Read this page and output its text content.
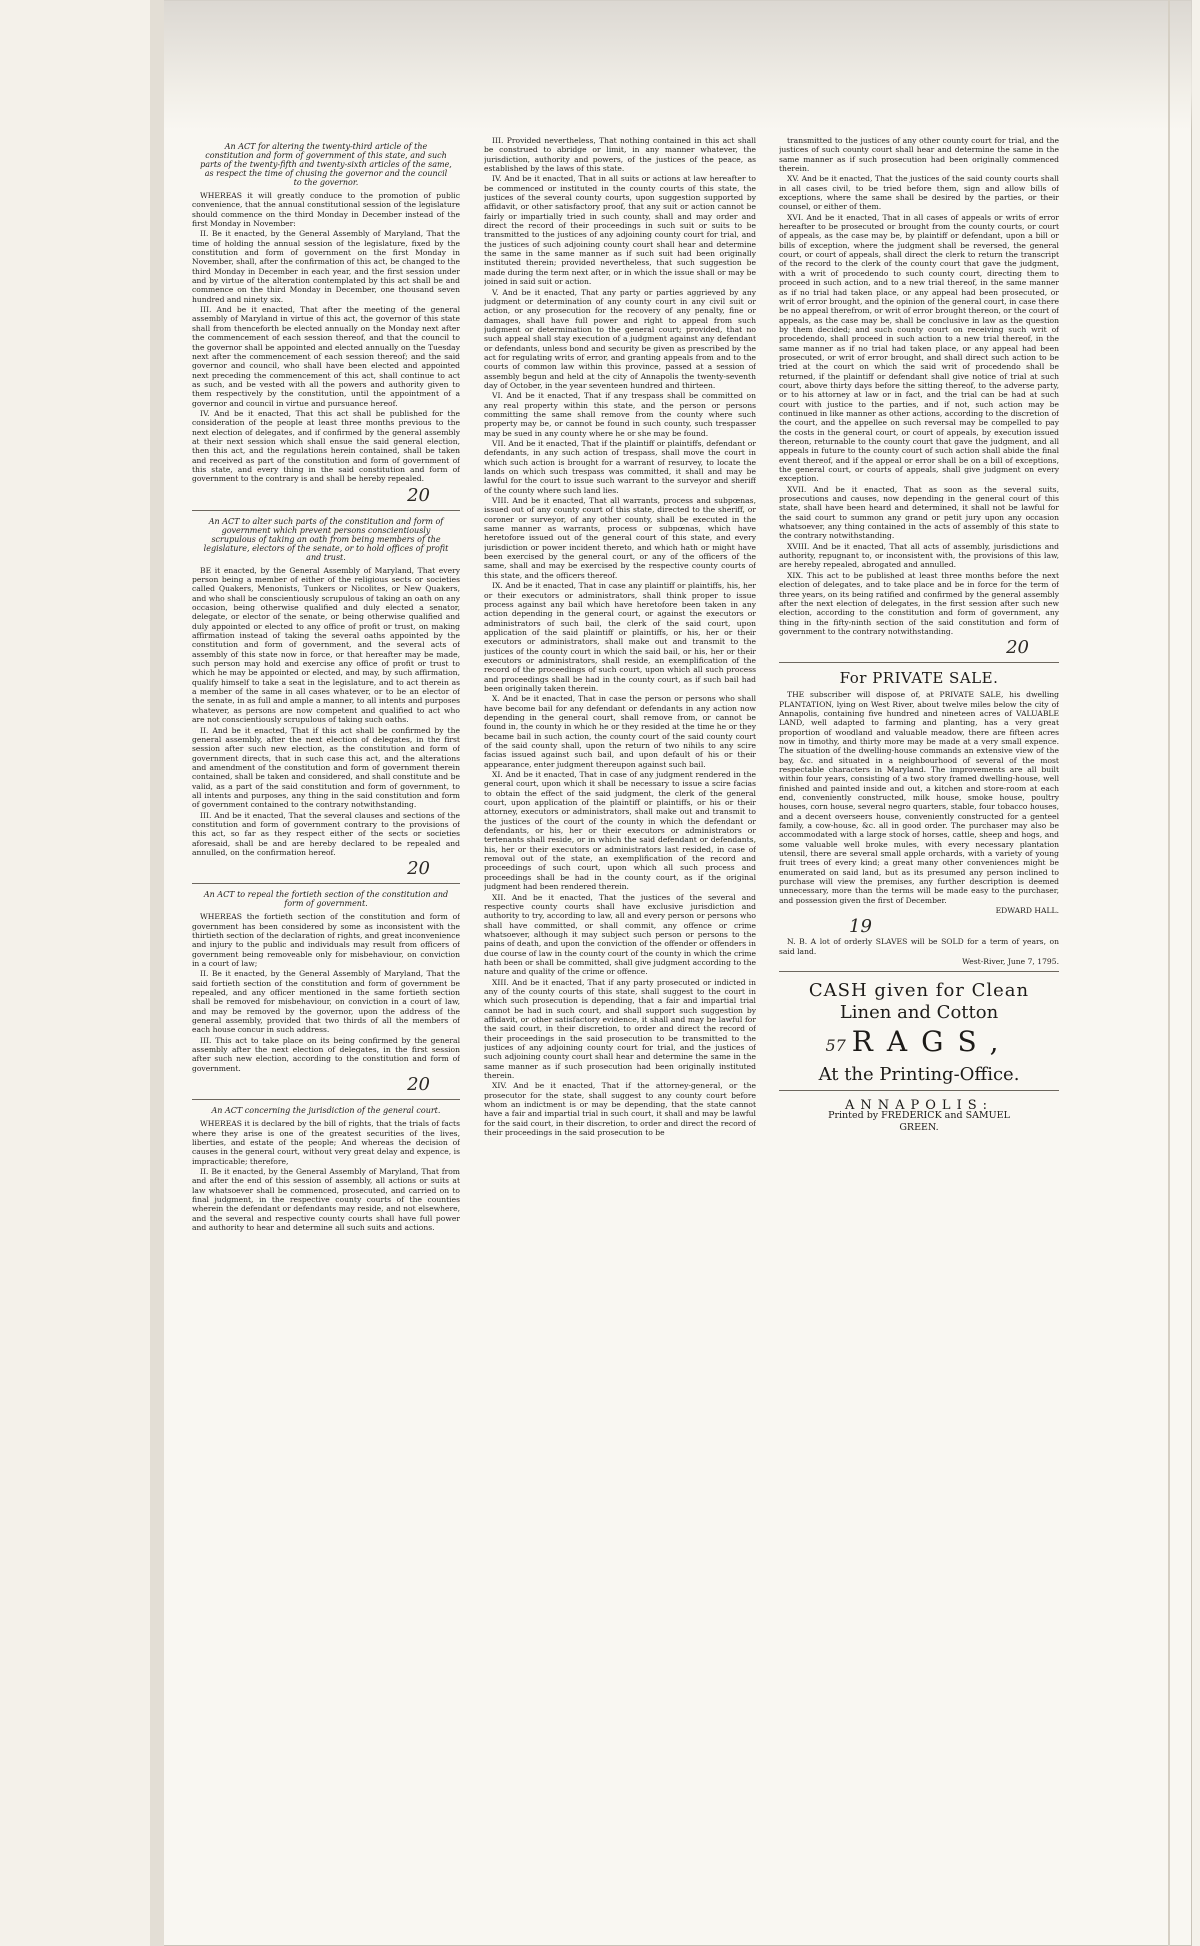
An ACT for altering the twenty-third article of the constitution and form of government of this state, and such parts of the twenty-fifth and twenty-sixth articles of the same, as respect the time of chusing the governor and the council to the governor.

WHEREAS it will greatly conduce to the promotion of public convenience, that the annual constitutional session of the legislature should commence on the third Monday in December instead of the first Monday in November:

II. Be it enacted, by the General Assembly of Maryland, That the time of holding the annual session of the legislature, fixed by the constitution and form of government on the first Monday in November, shall, after the confirmation of this act, be changed to the third Monday in December in each year, and the first session under and by virtue of the alteration contemplated by this act shall be and commence on the third Monday in December, one thousand seven hundred and ninety six.

III. And be it enacted, That after the meeting of the general assembly of Maryland in virtue of this act, the governor of this state shall from thenceforth be elected annually on the Monday next after the commencement of each session thereof, and that the council to the governor shall be appointed and elected annually on the Tuesday next after the commencement of each session thereof; and the said governor and council, who shall have been elected and appointed next preceding the commencement of this act, shall continue to act as such, and be vested with all the powers and authority given to them respectively by the constitution, until the appointment of a governor and council in virtue and pursuance hereof.

IV. And be it enacted, That this act shall be published for the consideration of the people at least three months previous to the next election of delegates, and if confirmed by the general assembly at their next session which shall ensue the said general election, then this act, and the regulations herein contained, shall be taken and received as part of the constitution and form of government of this state, and every thing in the said constitution and form of government to the contrary is and shall be hereby repealed.

20

An ACT to alter such parts of the constitution and form of government which prevent persons conscientiously scrupulous of taking an oath from being members of the legislature, electors of the senate, or to hold offices of profit and trust.

BE it enacted, by the General Assembly of Maryland, That every person being a member of either of the religious sects or societies called Quakers, Menonists, Tunkers or Nicolites, or New Quakers, and who shall be conscientiously scrupulous of taking an oath on any occasion, being otherwise qualified and duly elected a senator, delegate, or elector of the senate, or being otherwise qualified and duly appointed or elected to any office of profit or trust, on making affirmation instead of taking the several oaths appointed by the constitution and form of government, and the several acts of assembly of this state now in force, or that hereafter may be made, such person may hold and exercise any office of profit or trust to which he may be appointed or elected, and may, by such affirmation, qualify himself to take a seat in the legislature, and to act therein as a member of the same in all cases whatever, or to be an elector of the senate, in as full and ample a manner, to all intents and purposes whatever, as persons are now competent and qualified to act who are not conscientiously scrupulous of taking such oaths.

II. And be it enacted, That if this act shall be confirmed by the general assembly, after the next election of delegates, in the first session after such new election, as the constitution and form of government directs, that in such case this act, and the alterations and amendment of the constitution and form of government therein contained, shall be taken and considered, and shall constitute and be valid, as a part of the said constitution and form of government, to all intents and purposes, any thing in the said constitution and form of government contained to the contrary notwithstanding.

III. And be it enacted, That the several clauses and sections of the constitution and form of government contrary to the provisions of this act, so far as they respect either of the sects or societies aforesaid, shall be and are hereby declared to be repealed and annulled, on the confirmation hereof.

20

An ACT to repeal the fortieth section of the constitution and form of government.

WHEREAS the fortieth section of the constitution and form of government has been considered by some as inconsistent with the thirtieth section of the declaration of rights, and great inconvenience and injury to the public and individuals may result from officers of government being removeable only for misbehaviour, on conviction in a court of law;

II. Be it enacted, by the General Assembly of Maryland, That the said fortieth section of the constitution and form of government be repealed, and any officer mentioned in the same fortieth section shall be removed for misbehaviour, on conviction in a court of law, and may be removed by the governor, upon the address of the general assembly, provided that two thirds of all the members of each house concur in such address.

III. This act to take place on its being confirmed by the general assembly after the next election of delegates, in the first session after such new election, according to the constitution and form of government.

20

An ACT concerning the jurisdiction of the general court.

WHEREAS it is declared by the bill of rights, that the trials of facts where they arise is one of the greatest securities of the lives, liberties, and estate of the people; And whereas the decision of causes in the general court, without very great delay and expence, is impracticable; therefore,

II. Be it enacted, by the General Assembly of Maryland, That from and after the end of this session of assembly, all actions or suits at law whatsoever shall be commenced, prosecuted, and carried on to final judgment, in the respective county courts of the counties wherein the defendant or defendants may reside, and not elsewhere, and the several and respective county courts shall have full power and authority to hear and determine all such suits and actions.

III. Provided nevertheless, That nothing contained in this act shall be construed to abridge or limit, in any manner whatever, the jurisdiction, authority and powers, of the justices of the peace, as established by the laws of this state.

IV. And be it enacted, That in all suits or actions at law hereafter to be commenced or instituted in the county courts of this state, the justices of the several county courts, upon suggestion supported by affidavit, or other satisfactory proof, that any suit or action cannot be fairly or impartially tried in such county, shall and may order and direct the record of their proceedings in such suit or suits to be transmitted to the justices of any adjoining county court for trial, and the justices of such adjoining county court shall hear and determine the same in the same manner as if such suit had been originally instituted therein; provided nevertheless, that such suggestion be made during the term next after, or in which the issue shall or may be joined in said suit or action.

V. And be it enacted, That any party or parties aggrieved by any judgment or determination of any county court in any civil suit or action, or any prosecution for the recovery of any penalty, fine or damages, shall have full power and right to appeal from such judgment or determination to the general court; provided, that no such appeal shall stay execution of a judgment against any defendant or defendants, unless bond and security be given as prescribed by the act for regulating writs of error, and granting appeals from and to the courts of common law within this province, passed at a session of assembly begun and held at the city of Annapolis the twenty-seventh day of October, in the year seventeen hundred and thirteen.

VI. And be it enacted, That if any trespass shall be committed on any real property within this state, and the person or persons committing the same shall remove from the county where such property may be, or cannot be found in such county, such trespasser may be sued in any county where he or she may be found.

VII. And be it enacted, That if the plaintiff or plaintiffs, defendant or defendants, in any such action of trespass, shall move the court in which such action is brought for a warrant of resurvey, to locate the lands on which such trespass was committed, it shall and may be lawful for the court to issue such warrant to the surveyor and sheriff of the county where such land lies.

VIII. And be it enacted, That all warrants, process and subpœnas, issued out of any county court of this state, directed to the sheriff, or coroner or surveyor, of any other county, shall be executed in the same manner as warrants, process or subpœnas, which have heretofore issued out of the general court of this state, and every jurisdiction or power incident thereto, and which hath or might have been exercised by the general court, or any of the officers of the same, shall and may be exercised by the respective county courts of this state, and the officers thereof.

IX. And be it enacted, That in case any plaintiff or plaintiffs, his, her or their executors or administrators, shall think proper to issue process against any bail which have heretofore been taken in any action depending in the general court, or against the executors or administrators of such bail, the clerk of the said court, upon application of the said plaintiff or plaintiffs, or his, her or their executors or administrators, shall make out and transmit to the justices of the county court in which the said bail, or his, her or their executors or administrators, shall reside, an exemplification of the record of the proceedings of such court, upon which all such process and proceedings shall be had in the county court, as if such bail had been originally taken therein.

X. And be it enacted, That in case the person or persons who shall have become bail for any defendant or defendants in any action now depending in the general court, shall remove from, or cannot be found in, the county in which he or they resided at the time he or they became bail in such action, the county court of the said county court of the said county shall, upon the return of two nihils to any scire facias issued against such bail, and upon default of his or their appearance, enter judgment thereupon against such bail.

XI. And be it enacted, That in case of any judgment rendered in the general court, upon which it shall be necessary to issue a scire facias to obtain the effect of the said judgment, the clerk of the general court, upon application of the plaintiff or plaintiffs, or his or their attorney, executors or administrators, shall make out and transmit to the justices of the court of the county in which the defendant or defendants, or his, her or their executors or administrators or tertenants shall reside, or in which the said defendant or defendants, his, her or their executors or administrators last resided, in case of removal out of the state, an exemplification of the record and proceedings of such court, upon which all such process and proceedings shall be had in the county court, as if the original judgment had been rendered therein.

XII. And be it enacted, That the justices of the several and respective county courts shall have exclusive jurisdiction and authority to try, according to law, all and every person or persons who shall have committed, or shall commit, any offence or crime whatsoever, although it may subject such person or persons to the pains of death, and upon the conviction of the offender or offenders in due course of law in the county court of the county in which the crime hath been or shall be committed, shall give judgment according to the nature and quality of the crime or offence.

XIII. And be it enacted, That if any party prosecuted or indicted in any of the county courts of this state, shall suggest to the court in which such prosecution is depending, that a fair and impartial trial cannot be had in such court, and shall support such suggestion by affidavit, or other satisfactory evidence, it shall and may be lawful for the said court, in their discretion, to order and direct the record of their proceedings in the said prosecution to be transmitted to the justices of any adjoining county court for trial, and the justices of such adjoining county court shall hear and determine the same in the same manner as if such prosecution had been originally instituted therein.

XIV. And be it enacted, That if the attorney-general, or the prosecutor for the state, shall suggest to any county court before whom an indictment is or may be depending, that the state cannot have a fair and impartial trial in such court, it shall and may be lawful for the said court, in their discretion, to order and direct the record of their proceedings in the said prosecution to be

transmitted to the justices of any other county court for trial, and the justices of such county court shall hear and determine the same in the same manner as if such prosecution had been originally commenced therein.

XV. And be it enacted, That the justices of the said county courts shall in all cases civil, to be tried before them, sign and allow bills of exceptions, where the same shall be desired by the parties, or their counsel, or either of them.

XVI. And be it enacted, That in all cases of appeals or writs of error hereafter to be prosecuted or brought from the county courts, or court of appeals, as the case may be, by plaintiff or defendant, upon a bill or bills of exception, where the judgment shall be reversed, the general court, or court of appeals, shall direct the clerk to return the transcript of the record to the clerk of the county court that gave the judgment, with a writ of procedendo to such county court, directing them to proceed in such action, and to a new trial thereof, in the same manner as if no trial had taken place, or any appeal had been prosecuted, or writ of error brought, and the opinion of the general court, in case there be no appeal therefrom, or writ of error brought thereon, or the court of appeals, as the case may be, shall be conclusive in law as the question by them decided; and such county court on receiving such writ of procedendo, shall proceed in such action to a new trial thereof, in the same manner as if no trial had taken place, or any appeal had been prosecuted, or writ of error brought, and shall direct such action to be tried at the court on which the said writ of procedendo shall be returned, if the plaintiff or defendant shall give notice of trial at such court, above thirty days before the sitting thereof, to the adverse party, or to his attorney at law or in fact, and the trial can be had at such court with justice to the parties, and if not, such action may be continued in like manner as other actions, according to the discretion of the court, and the appellee on such reversal may be compelled to pay the costs in the general court, or court of appeals, by execution issued thereon, returnable to the county court that gave the judgment, and all appeals in future to the county court of such action shall abide the final event thereof, and if the appeal or error shall be on a bill of exceptions, the general court, or courts of appeals, shall give judgment on every exception.

XVII. And be it enacted, That as soon as the several suits, prosecutions and causes, now depending in the general court of this state, shall have been heard and determined, it shall not be lawful for the said court to summon any grand or petit jury upon any occasion whatsoever, any thing contained in the acts of assembly of this state to the contrary notwithstanding.

XVIII. And be it enacted, That all acts of assembly, jurisdictions and authority, repugnant to, or inconsistent with, the provisions of this law, are hereby repealed, abrogated and annulled.

XIX. This act to be published at least three months before the next election of delegates, and to take place and be in force for the term of three years, on its being ratified and confirmed by the general assembly after the next election of delegates, in the first session after such new election, according to the constitution and form of government, any thing in the fifty-ninth section of the said constitution and form of government to the contrary notwithstanding.

20

For PRIVATE SALE.

THE subscriber will dispose of, at PRIVATE SALE, his dwelling PLANTATION, lying on West River, about twelve miles below the city of Annapolis, containing five hundred and nineteen acres of VALUABLE LAND, well adapted to farming and planting, has a very great proportion of woodland and valuable meadow, there are fifteen acres now in timothy, and thirty more may be made at a very small expence. The situation of the dwelling-house commands an extensive view of the bay, &c. and situated in a neighbourhood of several of the most respectable characters in Maryland. The improvements are all built within four years, consisting of a two story framed dwelling-house, well finished and painted inside and out, a kitchen and store-room at each end, conveniently constructed, milk house, smoke house, poultry houses, corn house, several negro quarters, stable, four tobacco houses, and a decent overseers house, conveniently constructed for a genteel family, a cow-house, &c. all in good order. The purchaser may also be accommodated with a large stock of horses, cattle, sheep and hogs, and some valuable well broke mules, with every necessary plantation utensil, there are several small apple orchards, with a variety of young fruit trees of every kind; a great many other conveniences might be enumerated on said land, but as its presumed any person inclined to purchase will view the premises, any further description is deemed unnecessary, more than the terms will be made easy to the purchaser, and possession given the first of December.

EDWARD HALL.

19

N. B. A lot of orderly SLAVES will be SOLD for a term of years, on said land.

West-River, June 7, 1795.

CASH given for Clean
Linen and Cotton
57 RAGS,
At the Printing-Office.
ANNAPOLIS:
Printed by FREDERICK and SAMUEL
GREEN.
